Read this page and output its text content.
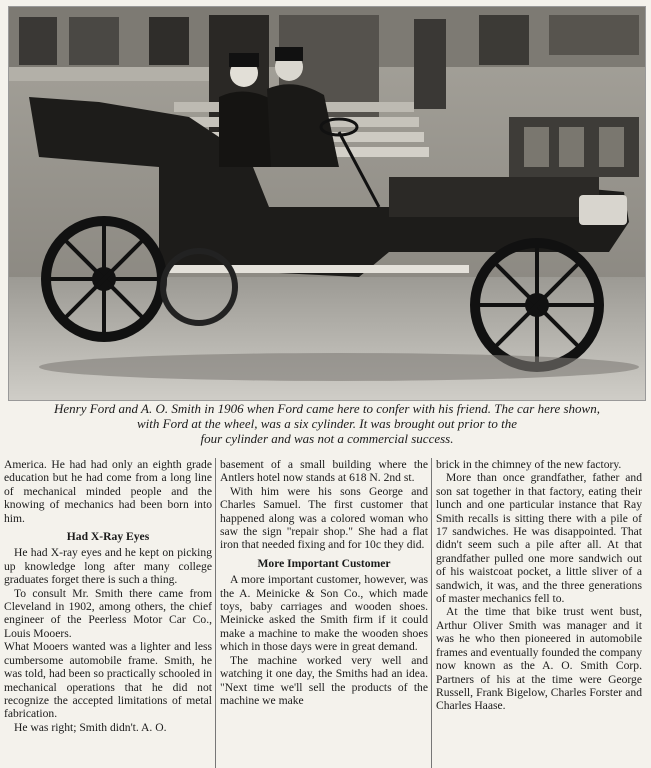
Henry Ford and A. O. Smith in 1906 when Ford came here to confer with his friend. The car here shown,
with Ford at the wheel, was a six cylinder. It was brought out prior to the
four cylinder and was not a commercial success.

America. He had had only an eighth grade education but he had come from a long line of mechanical minded people and the knowing of mechanics had been born into him.

Had X-Ray Eyes

He had X-ray eyes and he kept on picking up knowledge long after many college graduates forget there is such a thing.

To consult Mr. Smith there came from Cleveland in 1902, among others, the chief engineer of the Peerless Motor Car Co., Louis Mooers.

What Mooers wanted was a lighter and less cumbersome automobile frame. Smith, he was told, had been so practically schooled in mechanical operations that he did not recognize the accepted limitations of metal fabrication.

He was right; Smith didn't. A. O.

basement of a small building where the Antlers hotel now stands at 618 N. 2nd st.

With him were his sons George and Charles Samuel. The first customer that happened along was a colored woman who saw the sign "repair shop." She had a flat iron that needed fixing and for 10c they did.

More Important Customer

A more important customer, however, was the A. Meinicke & Son Co., which made toys, baby carriages and wooden shoes. Meinicke asked the Smith firm if it could make a machine to make the wooden shoes which in those days were in great demand.

The machine worked very well and watching it one day, the Smiths had an idea. "Next time we'll sell the products of the machine we make

brick in the chimney of the new factory.

More than once grandfather, father and son sat together in that factory, eating their lunch and one particular instance that Ray Smith recalls is sitting there with a pile of 17 sandwiches. He was disappointed. That didn't seem such a pile after all. At that grandfather pulled one more sandwich out of his waistcoat pocket, a little sliver of a sandwich, it was, and the three generations of master mechanics fell to.

At the time that bike trust went bust, Arthur Oliver Smith was manager and it was he who then pioneered in automobile frames and eventually founded the company now known as the A. O. Smith Corp. Partners of his at the time were George Russell, Frank Bigelow, Charles Forster and Charles Haase.
